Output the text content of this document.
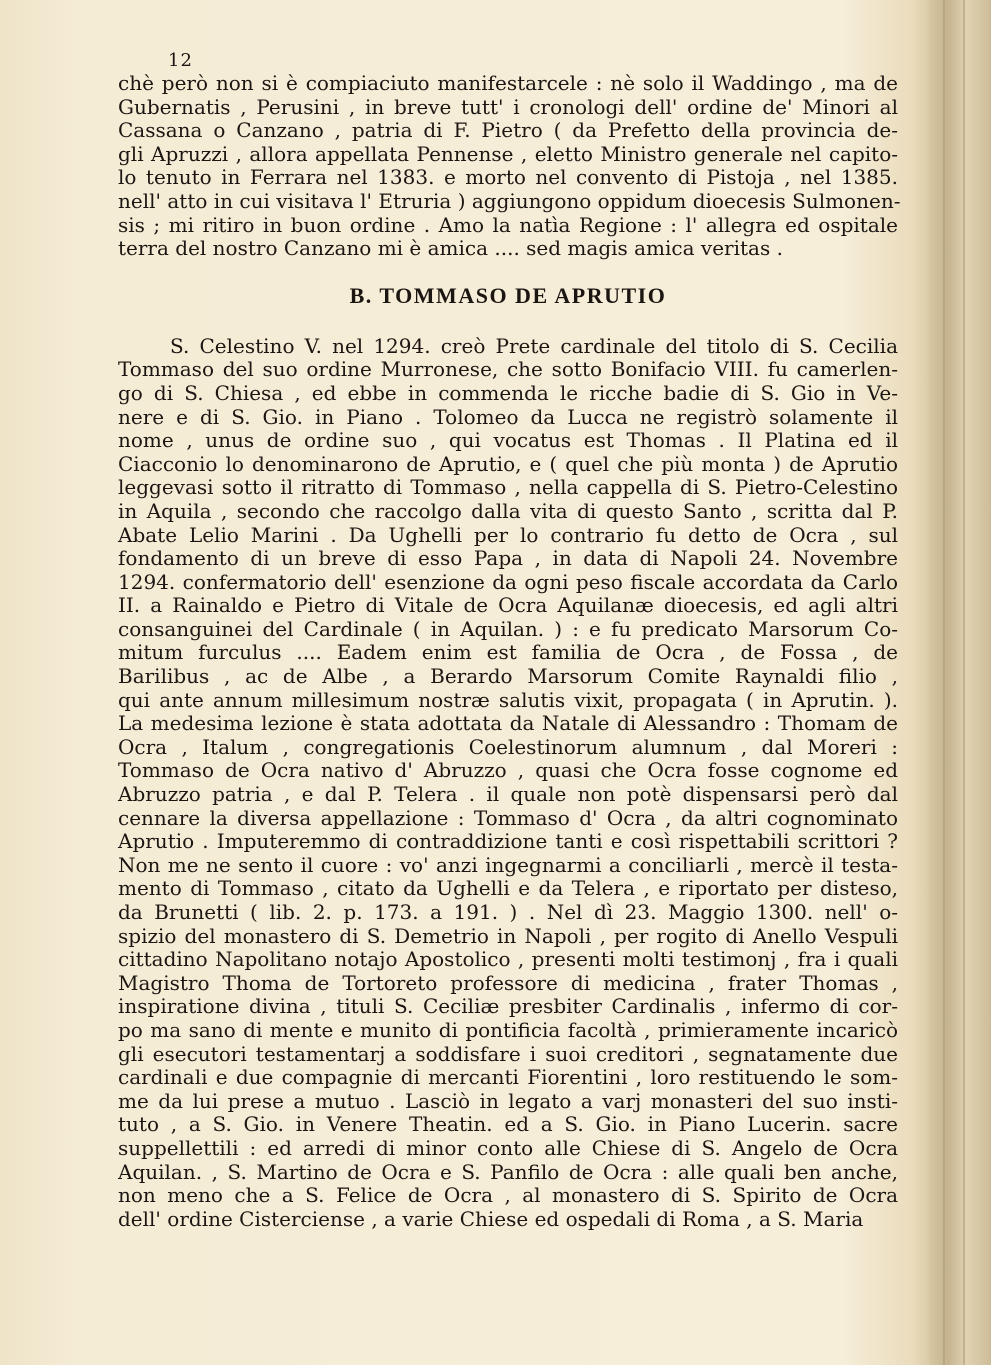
12

chè però non si è compiaciuto manifestarcele : nè solo il Waddingo , ma de

Gubernatis , Perusini , in breve tutt' i cronologi dell' ordine de' Minori al

Cassana o Canzano , patria di F. Pietro ( da Prefetto della provincia de-

gli Apruzzi , allora appellata Pennense , eletto Ministro generale nel capito-

lo tenuto in Ferrara nel 1383. e morto nel convento di Pistoja , nel 1385.

nell' atto in cui visitava l' Etruria ) aggiungono oppidum dioecesis Sulmonen-

sis ; mi ritiro in buon ordine . Amo la natìa Regione : l' allegra ed ospitale

terra del nostro Canzano mi è amica .... sed magis amica veritas .

B. TOMMASO DE APRUTIO

S. Celestino V. nel 1294. creò Prete cardinale del titolo di S. Cecilia

Tommaso del suo ordine Murronese, che sotto Bonifacio VIII. fu camerlen-

go di S. Chiesa , ed ebbe in commenda le ricche badie di S. Gio in Ve-

nere e di S. Gio. in Piano . Tolomeo da Lucca ne registrò solamente il

nome , unus de ordine suo , qui vocatus est Thomas . Il Platina ed il

Ciacconio lo denominarono de Aprutio, e ( quel che più monta ) de Aprutio

leggevasi sotto il ritratto di Tommaso , nella cappella di S. Pietro-Celestino

in Aquila , secondo che raccolgo dalla vita di questo Santo , scritta dal P.

Abate Lelio Marini . Da Ughelli per lo contrario fu detto de Ocra , sul

fondamento di un breve di esso Papa , in data di Napoli 24. Novembre

1294. confermatorio dell' esenzione da ogni peso fiscale accordata da Carlo

II. a Rainaldo e Pietro di Vitale de Ocra Aquilanæ dioecesis, ed agli altri

consanguinei del Cardinale ( in Aquilan. ) : e fu predicato Marsorum Co-

mitum furculus .... Eadem enim est familia de Ocra , de Fossa , de

Barilibus , ac de Albe , a Berardo Marsorum Comite Raynaldi filio ,

qui ante annum millesimum nostræ salutis vixit, propagata ( in Aprutin. ).

La medesima lezione è stata adottata da Natale di Alessandro : Thomam de

Ocra , Italum , congregationis Coelestinorum alumnum , dal Moreri :

Tommaso de Ocra nativo d' Abruzzo , quasi che Ocra fosse cognome ed

Abruzzo patria , e dal P. Telera . il quale non potè dispensarsi però dal

cennare la diversa appellazione : Tommaso d' Ocra , da altri cognominato

Aprutio . Imputeremmo di contraddizione tanti e così rispettabili scrittori ?

Non me ne sento il cuore : vo' anzi ingegnarmi a conciliarli , mercè il testa-

mento di Tommaso , citato da Ughelli e da Telera , e riportato per disteso,

da Brunetti ( lib. 2. p. 173. a 191. ) . Nel dì 23. Maggio 1300. nell' o-

spizio del monastero di S. Demetrio in Napoli , per rogito di Anello Vespuli

cittadino Napolitano notajo Apostolico , presenti molti testimonj , fra i quali

Magistro Thoma de Tortoreto professore di medicina , frater Thomas ,

inspiratione divina , tituli S. Ceciliæ presbiter Cardinalis , infermo di cor-

po ma sano di mente e munito di pontificia facoltà , primieramente incaricò

gli esecutori testamentarj a soddisfare i suoi creditori , segnatamente due

cardinali e due compagnie di mercanti Fiorentini , loro restituendo le som-

me da lui prese a mutuo . Lasciò in legato a varj monasteri del suo insti-

tuto , a S. Gio. in Venere Theatin. ed a S. Gio. in Piano Lucerin. sacre

suppellettili : ed arredi di minor conto alle Chiese di S. Angelo de Ocra

Aquilan. , S. Martino de Ocra e S. Panfilo de Ocra : alle quali ben anche,

non meno che a S. Felice de Ocra , al monastero di S. Spirito de Ocra

dell' ordine Cisterciense , a varie Chiese ed ospedali di Roma , a S. Maria
